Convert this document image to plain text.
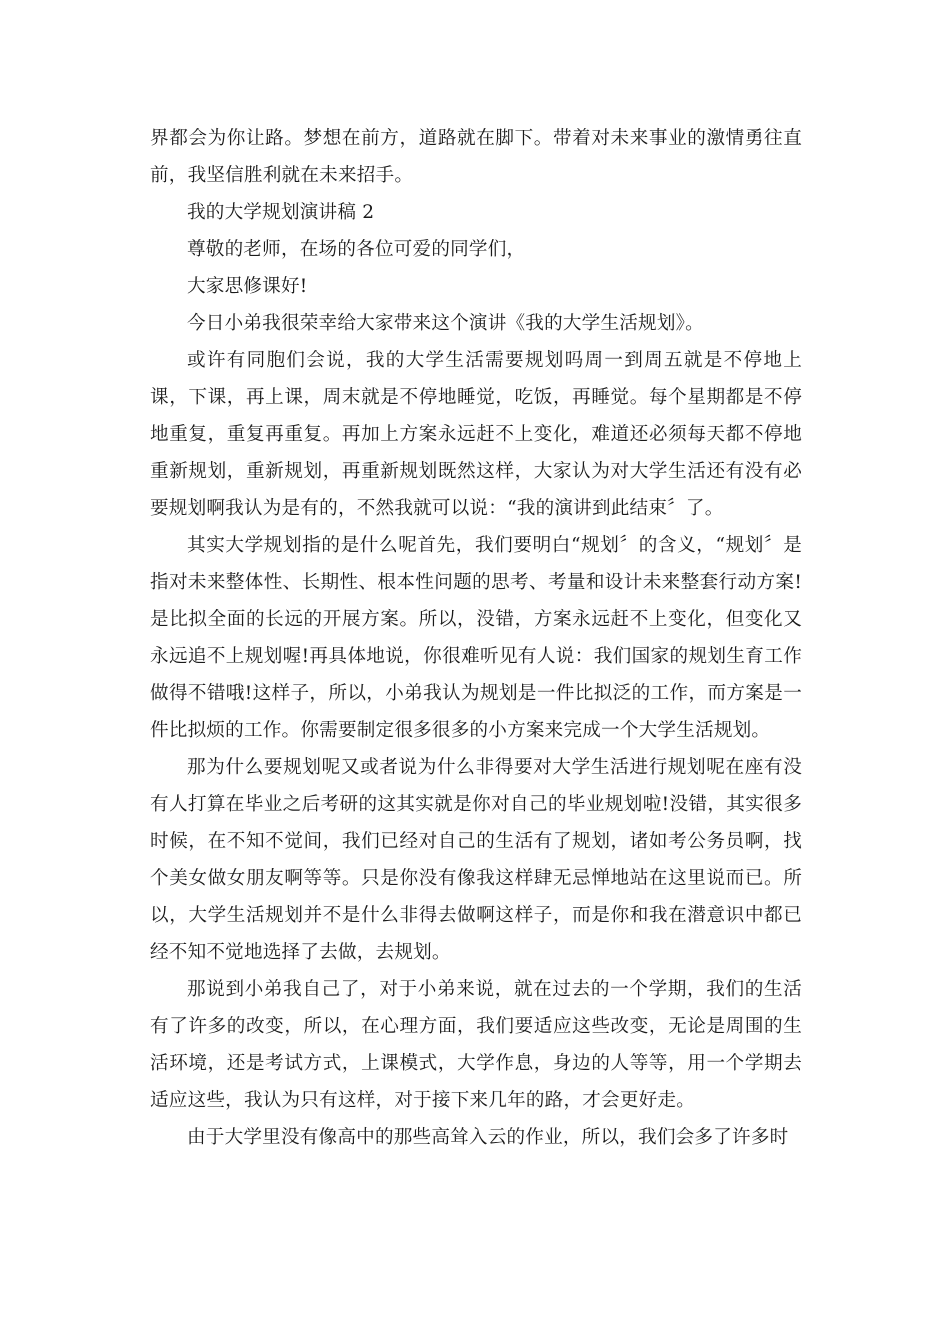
界都会为你让路。梦想在前方，道路就在脚下。带着对未来事业的激情勇往直前，我坚信胜利就在未来招手。

我的大学规划演讲稿 2

尊敬的老师，在场的各位可爱的同学们，

大家思修课好!

今日小弟我很荣幸给大家带来这个演讲《我的大学生活规划》。

或许有同胞们会说，我的大学生活需要规划吗周一到周五就是不停地上课，下课，再上课，周末就是不停地睡觉，吃饭，再睡觉。每个星期都是不停地重复，重复再重复。再加上方案永远赶不上变化，难道还必须每天都不停地重新规划，重新规划，再重新规划既然这样，大家认为对大学生活还有没有必要规划啊我认为是有的，不然我就可以说：“我的演讲到此结束〞了。

其实大学规划指的是什么呢首先，我们要明白“规划〞的含义，“规划〞是指对未来整体性、长期性、根本性问题的思考、考量和设计未来整套行动方案!是比拟全面的长远的开展方案。所以，没错，方案永远赶不上变化，但变化又永远追不上规划喔!再具体地说，你很难听见有人说：我们国家的规划生育工作做得不错哦!这样子，所以，小弟我认为规划是一件比拟泛的工作，而方案是一件比拟烦的工作。你需要制定很多很多的小方案来完成一个大学生活规划。

那为什么要规划呢又或者说为什么非得要对大学生活进行规划呢在座有没有人打算在毕业之后考研的这其实就是你对自己的毕业规划啦!没错，其实很多时候，在不知不觉间，我们已经对自己的生活有了规划，诸如考公务员啊，找个美女做女朋友啊等等。只是你没有像我这样肆无忌惮地站在这里说而已。所以，大学生活规划并不是什么非得去做啊这样子，而是你和我在潜意识中都已经不知不觉地选择了去做，去规划。

那说到小弟我自己了，对于小弟来说，就在过去的一个学期，我们的生活有了许多的改变，所以，在心理方面，我们要适应这些改变，无论是周围的生活环境，还是考试方式，上课模式，大学作息，身边的人等等，用一个学期去适应这些，我认为只有这样，对于接下来几年的路，才会更好走。

由于大学里没有像高中的那些高耸入云的作业，所以，我们会多了许多时
